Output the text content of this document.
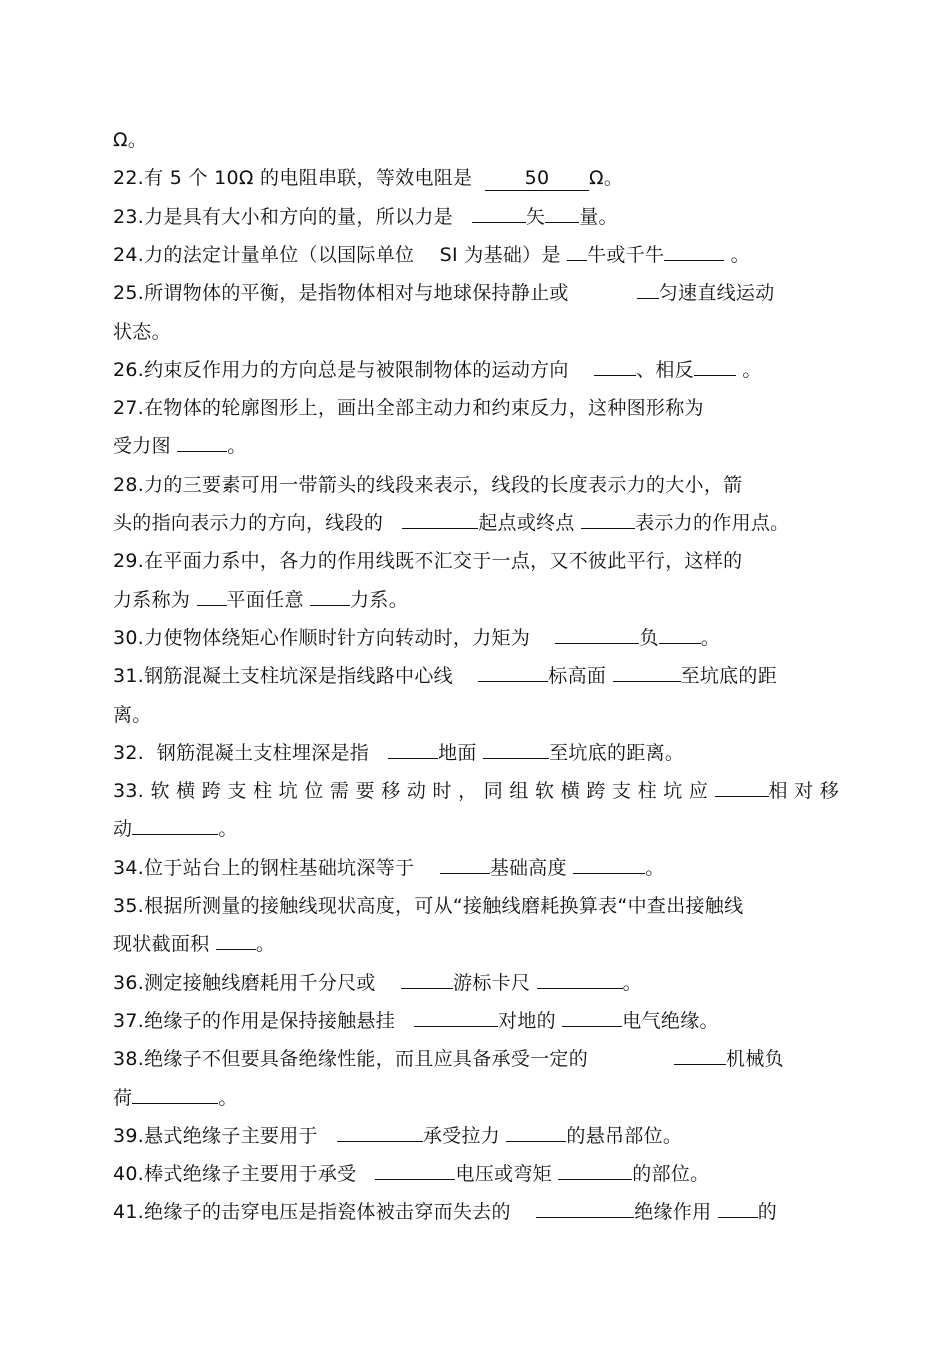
Ω。
22.有 5 个 10Ω 的电阻串联，等效电阻是  50 Ω。
23.力是具有大小和方向的量，所以力是	矢 量。
24.力的法定计量单位（以国际单位    SI 为基础）是 牛或千牛	。
25.所谓物体的平衡，是指物体相对与地球保持静止或	匀速直线运动
状态。
26.约束反作用力的方向总是与被限制物体的运动方向    、相反 。
27.在物体的轮廓图形上，画出全部主动力和约束反力，这种图形称为
受力图	。
28.力的三要素可用一带箭头的线段来表示，线段的长度表示力的大小，箭
头的指向表示力的方向，线段的	起点或终点	表示力的作用点。
29.在平面力系中，各力的作用线既不汇交于一点，又不彼此平行，这样的
力系称为 平面任意 力系。
30.力使物体绕矩心作顺时针方向转动时，力矩为	负 。
31.钢筋混凝土支柱坑深是指线路中心线	标高面	至坑底的距
离。
32.  钢筋混凝土支柱埋深是指	地面	至坑底的距离。
33. 软 横 跨 支 柱 坑 位 需 要 移 动 时 ， 同 组 软 横 跨 支 柱 坑 应	相 对 移
动	。
34.位于站台上的钢柱基础坑深等于	基础高度	。
35.根据所测量的接触线现状高度，可从“接触线磨耗换算表“中查出接触线
现状截面积 。
36.测定接触线磨耗用千分尺或	游标卡尺	。
37.绝缘子的作用是保持接触悬挂	对地的	电气绝缘。
38.绝缘子不但要具备绝缘性能，而且应具备承受一定的	机械负
荷	。
39.悬式绝缘子主要用于	承受拉力	的悬吊部位。
40.棒式绝缘子主要用于承受	电压或弯矩	的部位。
41.绝缘子的击穿电压是指瓷体被击穿而失去的	绝缘作用 的
